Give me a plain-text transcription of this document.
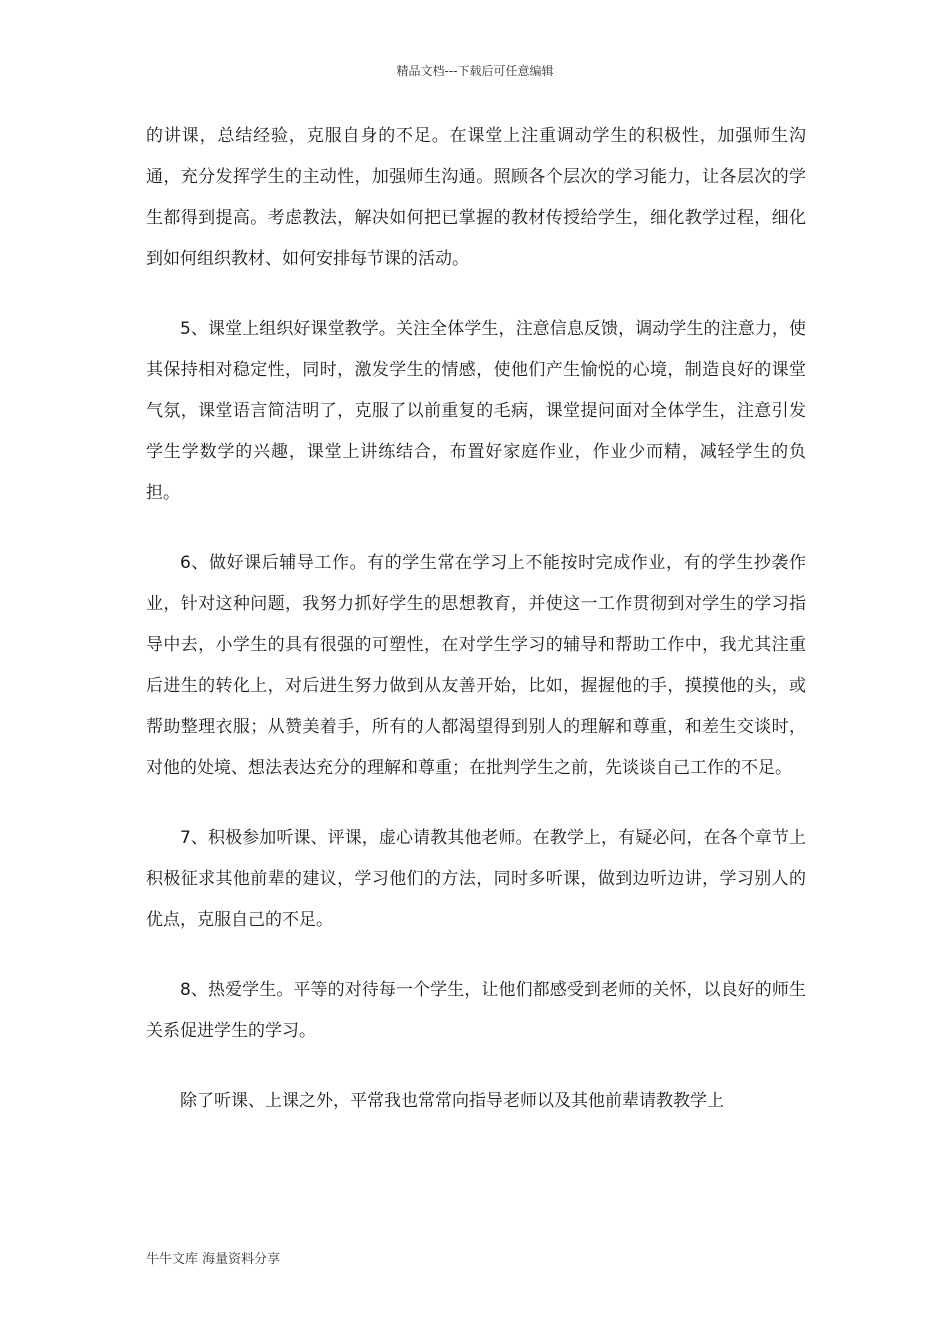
精品文档---下载后可任意编辑

的讲课，总结经验，克服自身的不足。在课堂上注重调动学生的积极性，加强师生沟通，充分发挥学生的主动性，加强师生沟通。照顾各个层次的学习能力，让各层次的学生都得到提高。考虑教法，解决如何把已掌握的教材传授给学生，细化教学过程，细化到如何组织教材、如何安排每节课的活动。

5、课堂上组织好课堂教学。关注全体学生，注意信息反馈，调动学生的注意力，使其保持相对稳定性，同时，激发学生的情感，使他们产生愉悦的心境，制造良好的课堂气氛，课堂语言简洁明了，克服了以前重复的毛病，课堂提问面对全体学生，注意引发学生学数学的兴趣，课堂上讲练结合，布置好家庭作业，作业少而精，减轻学生的负担。

6、做好课后辅导工作。有的学生常在学习上不能按时完成作业，有的学生抄袭作业，针对这种问题，我努力抓好学生的思想教育，并使这一工作贯彻到对学生的学习指导中去，小学生的具有很强的可塑性，在对学生学习的辅导和帮助工作中，我尤其注重后进生的转化上，对后进生努力做到从友善开始，比如，握握他的手，摸摸他的头，或帮助整理衣服；从赞美着手，所有的人都渴望得到别人的理解和尊重，和差生交谈时，对他的处境、想法表达充分的理解和尊重；在批判学生之前，先谈谈自己工作的不足。

7、积极参加听课、评课，虚心请教其他老师。在教学上，有疑必问，在各个章节上积极征求其他前辈的建议，学习他们的方法，同时多听课，做到边听边讲，学习别人的优点，克服自己的不足。

8、热爱学生。平等的对待每一个学生，让他们都感受到老师的关怀，以良好的师生关系促进学生的学习。

除了听课、上课之外，平常我也常常向指导老师以及其他前辈请教教学上

牛牛文库 海量资料分享
